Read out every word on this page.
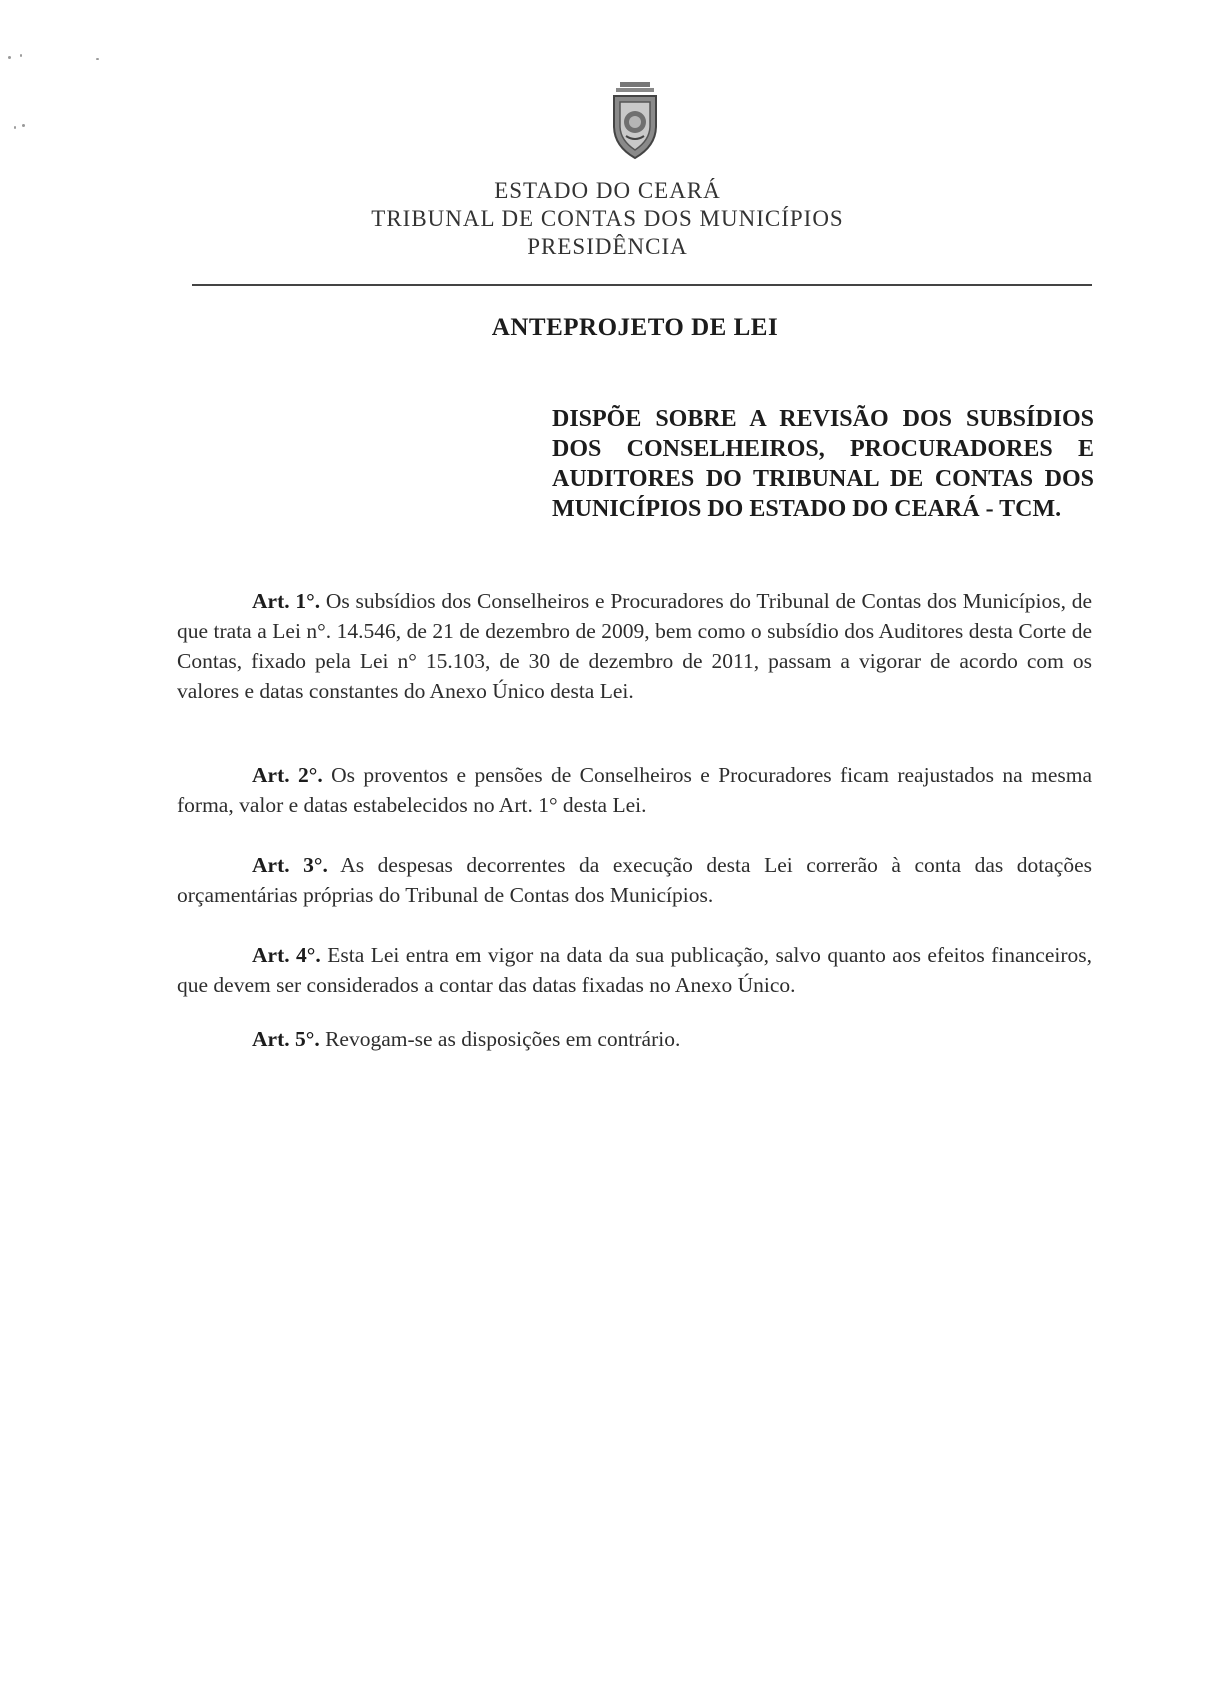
ESTADO DO CEARÁ
TRIBUNAL DE CONTAS DOS MUNICÍPIOS
PRESIDÊNCIA
ANTEPROJETO DE LEI
DISPÕE SOBRE A REVISÃO DOS SUBSÍDIOS DOS CONSELHEIROS, PROCURADORES E AUDITORES DO TRIBUNAL DE CONTAS DOS MUNICÍPIOS DO ESTADO DO CEARÁ - TCM.

Art. 1°. Os subsídios dos Conselheiros e Procuradores do Tribunal de Contas dos Municípios, de que trata a Lei n°. 14.546, de 21 de dezembro de 2009, bem como o subsídio dos Auditores desta Corte de Contas, fixado pela Lei n° 15.103, de 30 de dezembro de 2011, passam a vigorar de acordo com os valores e datas constantes do Anexo Único desta Lei.

Art. 2°. Os proventos e pensões de Conselheiros e Procuradores ficam reajustados na mesma forma, valor e datas estabelecidos no Art. 1° desta Lei.

Art. 3°. As despesas decorrentes da execução desta Lei correrão à conta das dotações orçamentárias próprias do Tribunal de Contas dos Municípios.

Art. 4°. Esta Lei entra em vigor na data da sua publicação, salvo quanto aos efeitos financeiros, que devem ser considerados a contar das datas fixadas no Anexo Único.

Art. 5°. Revogam-se as disposições em contrário.
